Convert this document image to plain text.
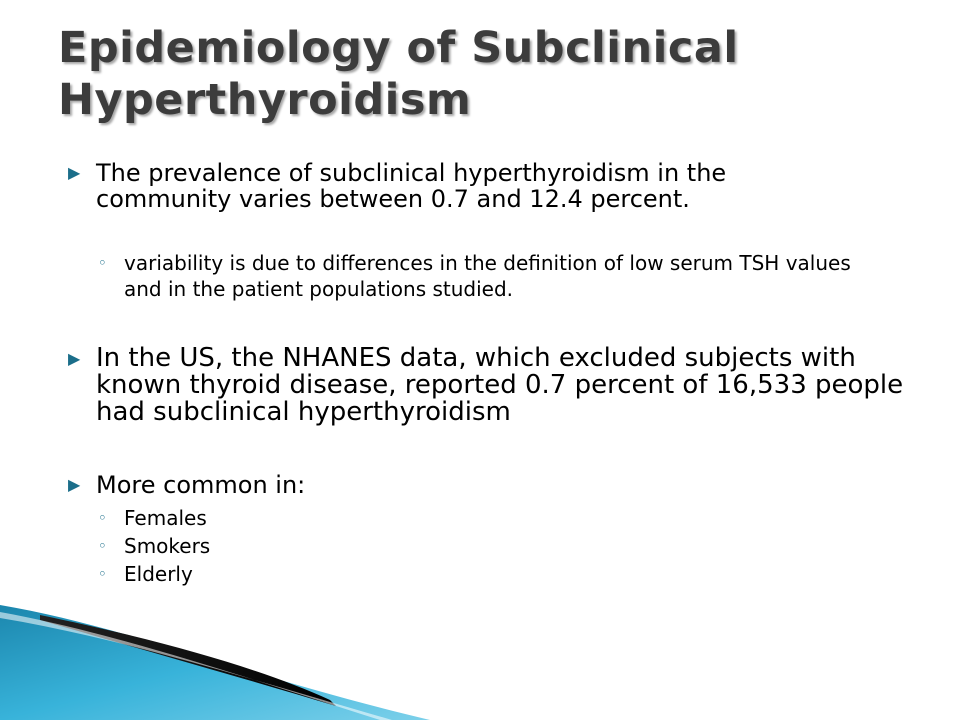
Epidemiology of Subclinical Hyperthyroidism
▶ The prevalence of subclinical hyperthyroidism in the community varies between 0.7 and 12.4 percent.
◦ variability is due to differences in the definition of low serum TSH values and in the patient populations studied.
▶ In the US, the NHANES data, which excluded subjects with known thyroid disease, reported 0.7 percent of 16,533 people had subclinical hyperthyroidism
▶ More common in:
◦ Females
◦ Smokers
◦ Elderly
